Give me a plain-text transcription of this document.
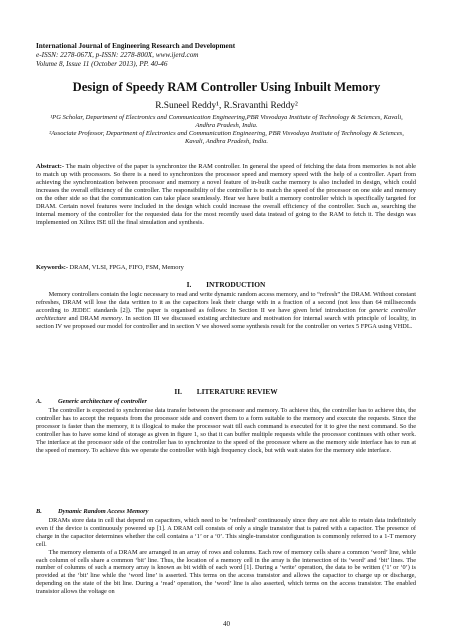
International Journal of Engineering Research and Development
e-ISSN: 2278-067X, p-ISSN: 2278-800X, www.ijerd.com
Volume 8, Issue 11 (October 2013), PP. 40-46
Design of Speedy RAM Controller Using Inbuilt Memory
R.Suneel Reddy¹, R.Sravanthi Reddy²
¹PG Scholar, Department of Electronics and Communication Engineering,PBR Visvodaya Institute of Technology & Sciences, Kavali, Andhra Pradesh, India.
²Associate Professor, Department of Electronics and Communication Engineering, PBR Visvodaya Institute of Technology & Sciences, Kavali, Andhra Pradesh, India.
Abstract:- The main objective of the paper is synchronize the RAM controller. In general the speed of fetching the data from memories is not able to match up with processors. So there is a need to synchronizes the processor speed and memory speed with the help of a controller. Apart from achieving the synchronization between processor and memory a novel feature of in-built cache memory is also included in design, which could increases the overall efficiency of the controller. The responsibility of the controller is to match the speed of the processor on one side and memory on the other side so that the communication can take place seamlessly. Hear we have built a memory controller which is specifically targeted for DRAM. Certain novel features were included in the design which could increase the overall efficiency of the controller. Such as, searching the internal memory of the controller for the requested data for the most recently used data instead of going to the RAM to fetch it. The design was implemented on Xilinx ISE till the final simulation and synthesis.
Keywords:- DRAM, VLSI, FPGA, FIFO, FSM, Memory
I.        INTRODUCTION
  Memory controllers contain the logic necessary to read and write dynamic random access memory, and to “refresh” the DRAM. Without constant refreshes, DRAM will lose the data written to it as the capacitors leak their charge with in a fraction of a second (not less than 64 milliseconds according to JEDEC standards [2]). The paper is organised as follows: In Section II we have given brief introduction for generic controller architecture and DRAM memory. In section III we discussed existing architecture and motivation for internal search with principle of locality, in section IV we proposed our model for controller and in section V we showed some synthesis result for the controller on vertex 5 FPGA using VHDL.
II.        LITERATURE REVIEW
A.	Generic architecture of controller
  The controller is expected to synchronise data transfer between the processor and memory. To achieve this, the controller has to achieve this, the controller has to accept the requests from the processor side and convert them to a form suitable to the memory and execute the requests. Since the processor is faster than the memory, it is illogical to make the processor wait till each command is executed for it to give the next command. So the controller has to have some kind of storage as given in figure 1, so that it can buffer multiple requests while the processor continues with other work. The interface at the processor side of the controller has to synchronize to the speed of the processor where as the memory side interface has to run at the speed of memory. To achieve this we operate the controller with high frequency clock, but with wait states for the memory side interface.
B.	Dynamic Random Access Memory
  DRAMs store data in cell that depend on capacitors, which need to be ‘refreshed’ continuously since they are not able to retain data indefinitely even if the device is continuously powered up [1]. A DRAM cell consists of only a single transistor that is paired with a capacitor. The presence of charge in the capacitor determines whether the cell contains a ‘1’ or a ‘0’. This single-transistor configuration is commonly referred to a 1-T memory cell.
  The memory elements of a DRAM are arranged in an array of rows and columns. Each row of memory cells share a common ‘word’ line, while each column of cells share a common ‘bit’ line. Thus, the location of a memory cell in the array is the intersection of its ‘word’ and ‘bit’ lines. The number of columns of such a memory array is known as bit width of each word [1]. During a ‘write’ operation, the data to be written (‘1’ or ‘0’) is provided at the ‘bit’ line while the ‘word line’ is asserted. This terms on the access transistor and allows the capacitor to charge up or discharge, depending on the state of the bit line. During a ‘read’ operation, the ‘word’ line is also asserted, which terms on the access transistor. The enabled transistor allows the voltage on
40
